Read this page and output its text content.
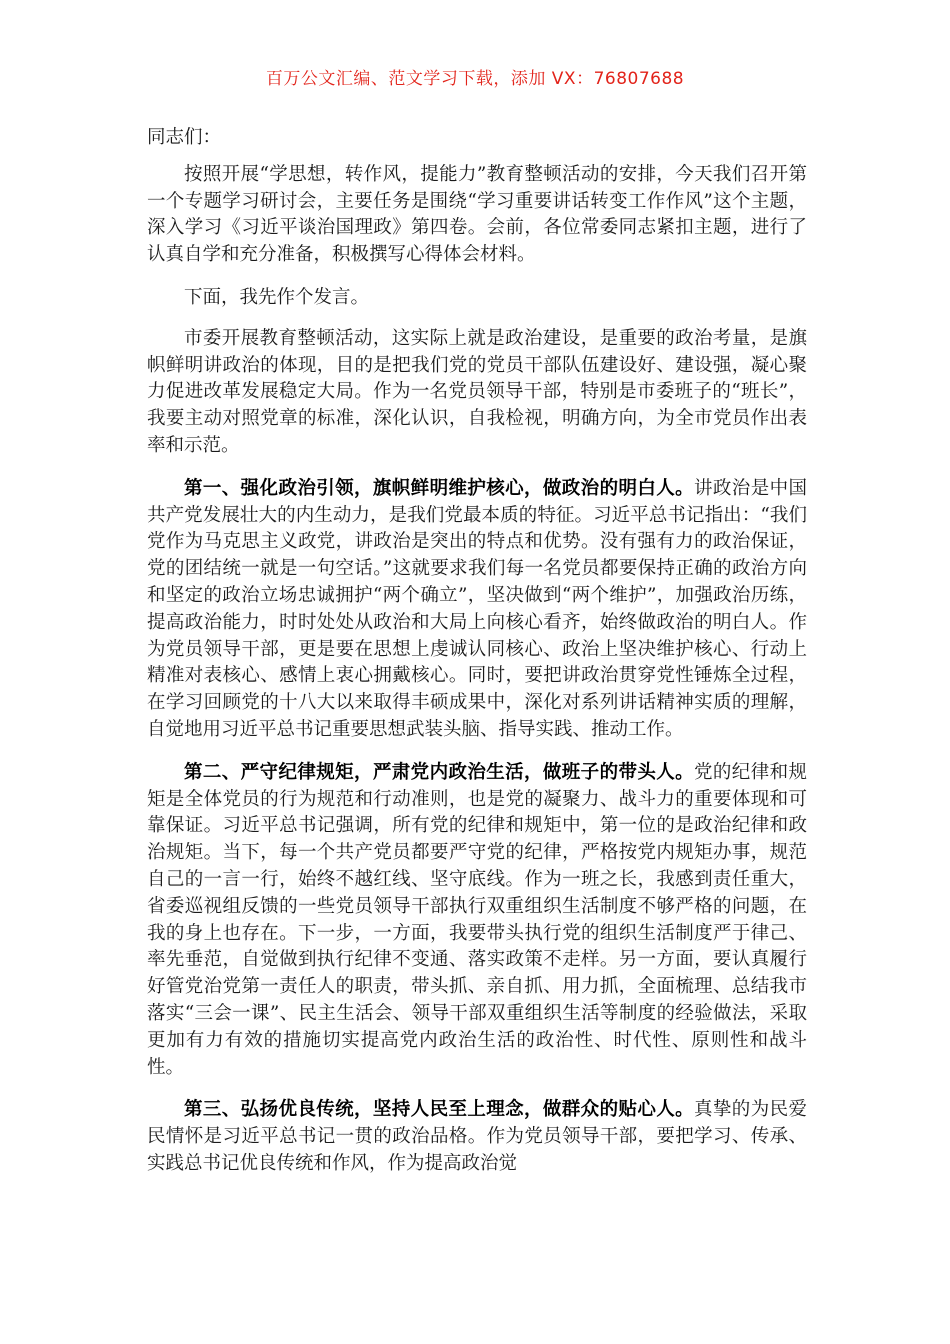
百万公文汇编、范文学习下载，添加 VX：76807688

同志们：

按照开展“学思想，转作风，提能力”教育整顿活动的安排，今天我们召开第一个专题学习研讨会，主要任务是围绕“学习重要讲话转变工作作风”这个主题，深入学习《习近平谈治国理政》第四卷。会前，各位常委同志紧扣主题，进行了认真自学和充分准备，积极撰写心得体会材料。

下面，我先作个发言。

市委开展教育整顿活动，这实际上就是政治建设，是重要的政治考量，是旗帜鲜明讲政治的体现，目的是把我们党的党员干部队伍建设好、建设强，凝心聚力促进改革发展稳定大局。作为一名党员领导干部，特别是市委班子的“班长”，我要主动对照党章的标准，深化认识，自我检视，明确方向，为全市党员作出表率和示范。

第一、强化政治引领，旗帜鲜明维护核心，做政治的明白人。讲政治是中国共产党发展壮大的内生动力，是我们党最本质的特征。习近平总书记指出：“我们党作为马克思主义政党，讲政治是突出的特点和优势。没有强有力的政治保证，党的团结统一就是一句空话。”这就要求我们每一名党员都要保持正确的政治方向和坚定的政治立场忠诚拥护“两个确立”，坚决做到“两个维护”，加强政治历练，提高政治能力，时时处处从政治和大局上向核心看齐，始终做政治的明白人。作为党员领导干部，更是要在思想上虔诚认同核心、政治上坚决维护核心、行动上精准对表核心、感情上衷心拥戴核心。同时，要把讲政治贯穿党性锤炼全过程，在学习回顾党的十八大以来取得丰硕成果中，深化对系列讲话精神实质的理解，自觉地用习近平总书记重要思想武装头脑、指导实践、推动工作。

第二、严守纪律规矩，严肃党内政治生活，做班子的带头人。党的纪律和规矩是全体党员的行为规范和行动准则，也是党的凝聚力、战斗力的重要体现和可靠保证。习近平总书记强调，所有党的纪律和规矩中，第一位的是政治纪律和政治规矩。当下，每一个共产党员都要严守党的纪律，严格按党内规矩办事，规范自己的一言一行，始终不越红线、坚守底线。作为一班之长，我感到责任重大，省委巡视组反馈的一些党员领导干部执行双重组织生活制度不够严格的问题，在我的身上也存在。下一步，一方面，我要带头执行党的组织生活制度严于律己、率先垂范，自觉做到执行纪律不变通、落实政策不走样。另一方面，要认真履行好管党治党第一责任人的职责，带头抓、亲自抓、用力抓，全面梳理、总结我市落实“三会一课”、民主生活会、领导干部双重组织生活等制度的经验做法，采取更加有力有效的措施切实提高党内政治生活的政治性、时代性、原则性和战斗性。

第三、弘扬优良传统，坚持人民至上理念，做群众的贴心人。真挚的为民爱民情怀是习近平总书记一贯的政治品格。作为党员领导干部，要把学习、传承、实践总书记优良传统和作风，作为提高政治觉
